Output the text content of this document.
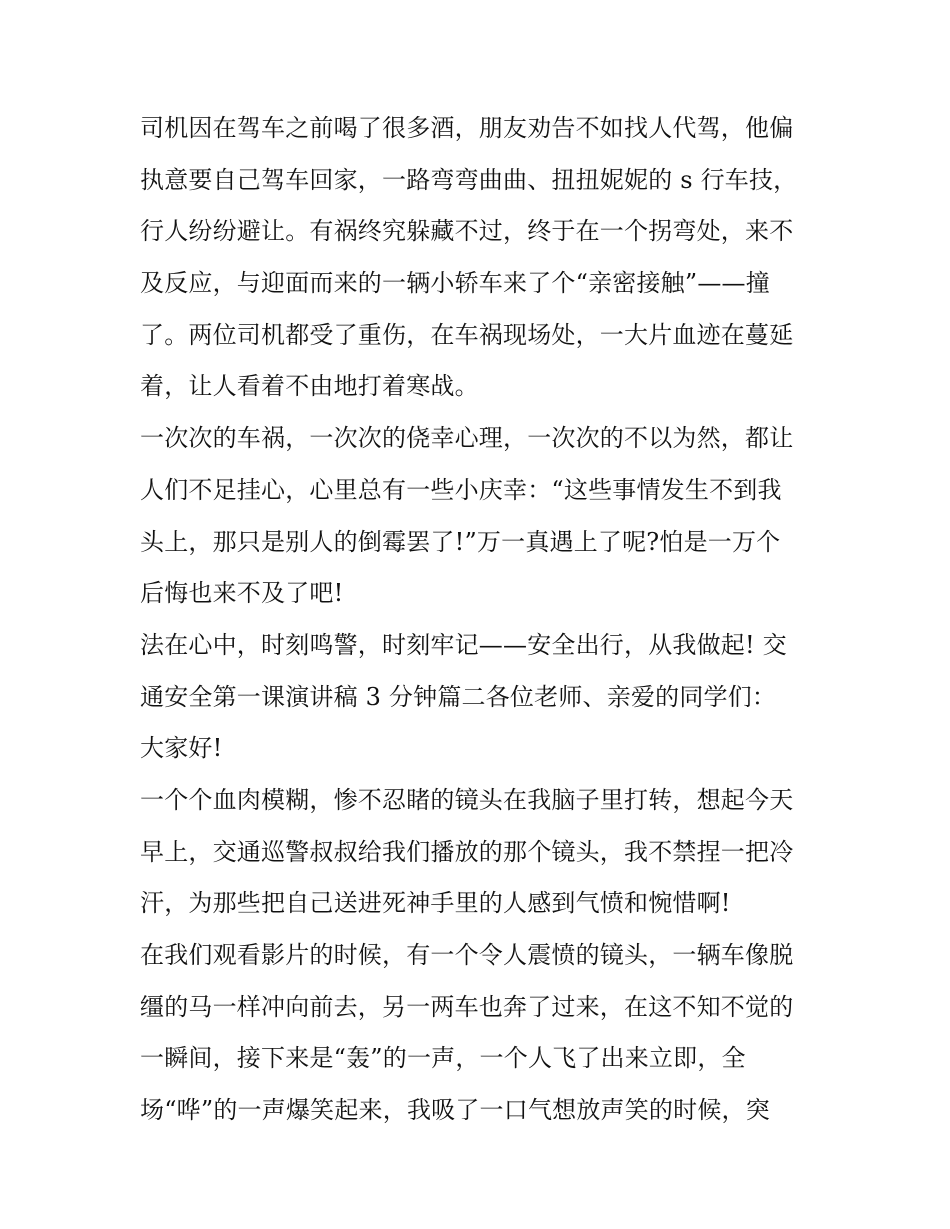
司机因在驾车之前喝了很多酒，朋友劝告不如找人代驾，他偏
执意要自己驾车回家，一路弯弯曲曲、扭扭妮妮的 s 行车技，
行人纷纷避让。有祸终究躲藏不过，终于在一个拐弯处，来不
及反应，与迎面而来的一辆小轿车来了个“亲密接触”——撞
了。两位司机都受了重伤，在车祸现场处，一大片血迹在蔓延
着，让人看着不由地打着寒战。
一次次的车祸，一次次的侥幸心理，一次次的不以为然，都让
人们不足挂心，心里总有一些小庆幸：“这些事情发生不到我
头上，那只是别人的倒霉罢了!”万一真遇上了呢?怕是一万个
后悔也来不及了吧!
法在心中，时刻鸣警，时刻牢记——安全出行，从我做起! 交
通安全第一课演讲稿 3 分钟篇二各位老师、亲爱的同学们：
大家好!
一个个血肉模糊，惨不忍睹的镜头在我脑子里打转，想起今天
早上，交通巡警叔叔给我们播放的那个镜头，我不禁捏一把冷
汗，为那些把自己送进死神手里的人感到气愤和惋惜啊!
在我们观看影片的时候，有一个令人震愤的镜头，一辆车像脱
缰的马一样冲向前去，另一两车也奔了过来，在这不知不觉的
一瞬间，接下来是“轰”的一声，一个人飞了出来立即，全
场“哗”的一声爆笑起来，我吸了一口气想放声笑的时候，突
